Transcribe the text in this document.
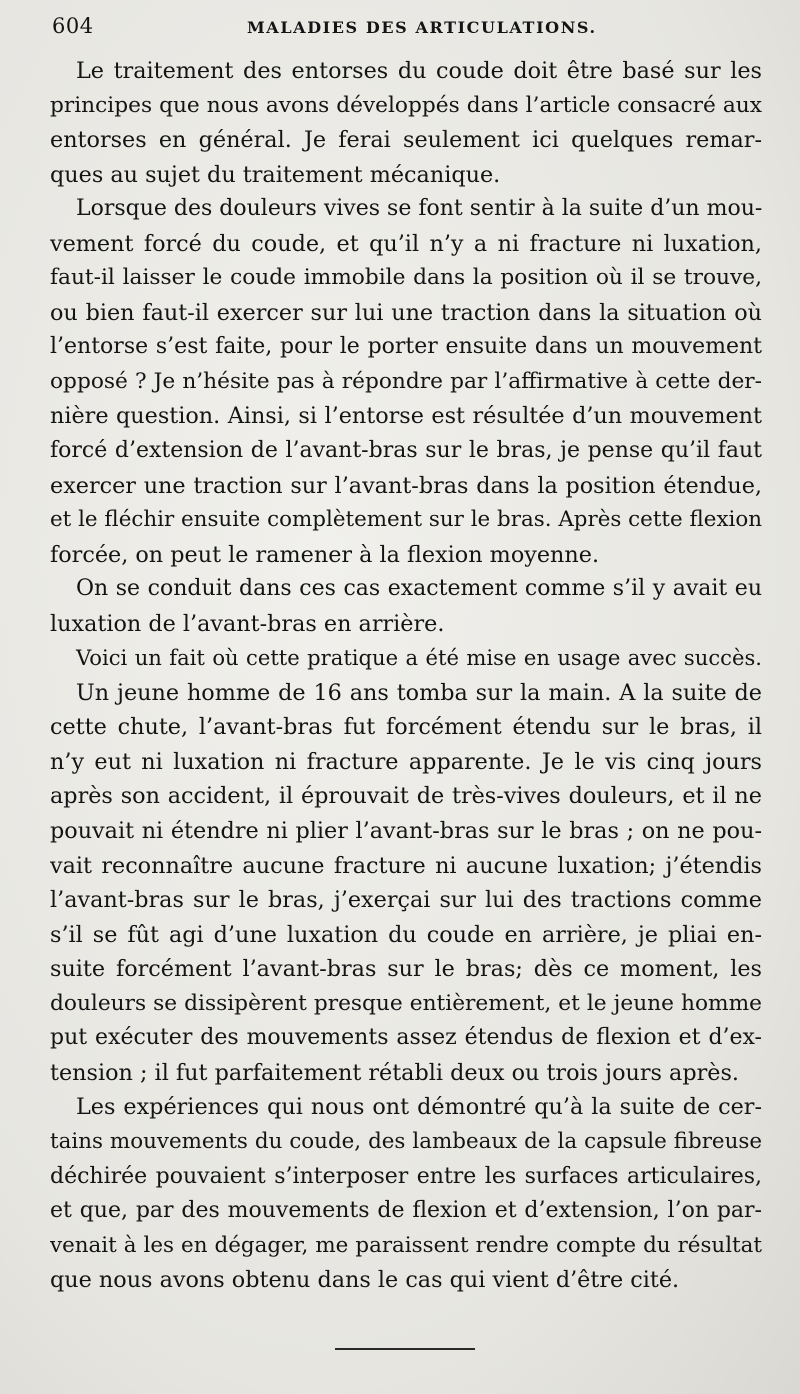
604	MALADIES DES ARTICULATIONS.
Le traitement des entorses du coude doit être basé sur les
principes que nous avons développés dans l’article consacré aux
entorses en général. Je ferai seulement ici quelques remar-
ques au sujet du traitement mécanique.
Lorsque des douleurs vives se font sentir à la suite d’un mou-
vement forcé du coude, et qu’il n’y a ni fracture ni luxation,
faut-il laisser le coude immobile dans la position où il se trouve,
ou bien faut-il exercer sur lui une traction dans la situation où
l’entorse s’est faite, pour le porter ensuite dans un mouvement
opposé ? Je n’hésite pas à répondre par l’affirmative à cette der-
nière question. Ainsi, si l’entorse est résultée d’un mouvement
forcé d’extension de l’avant-bras sur le bras, je pense qu’il faut
exercer une traction sur l’avant-bras dans la position étendue,
et le fléchir ensuite complètement sur le bras. Après cette flexion
forcée, on peut le ramener à la flexion moyenne.
On se conduit dans ces cas exactement comme s’il y avait eu
luxation de l’avant-bras en arrière.
Voici un fait où cette pratique a été mise en usage avec succès.
Un jeune homme de 16 ans tomba sur la main. A la suite de
cette chute, l’avant-bras fut forcément étendu sur le bras, il
n’y eut ni luxation ni fracture apparente. Je le vis cinq jours
après son accident, il éprouvait de très-vives douleurs, et il ne
pouvait ni étendre ni plier l’avant-bras sur le bras ; on ne pou-
vait reconnaître aucune fracture ni aucune luxation; j’étendis
l’avant-bras sur le bras, j’exerçai sur lui des tractions comme
s’il se fût agi d’une luxation du coude en arrière, je pliai en-
suite forcément l’avant-bras sur le bras; dès ce moment, les
douleurs se dissipèrent presque entièrement, et le jeune homme
put exécuter des mouvements assez étendus de flexion et d’ex-
tension ; il fut parfaitement rétabli deux ou trois jours après.
Les expériences qui nous ont démontré qu’à la suite de cer-
tains mouvements du coude, des lambeaux de la capsule fibreuse
déchirée pouvaient s’interposer entre les surfaces articulaires,
et que, par des mouvements de flexion et d’extension, l’on par-
venait à les en dégager, me paraissent rendre compte du résultat
que nous avons obtenu dans le cas qui vient d’être cité.
